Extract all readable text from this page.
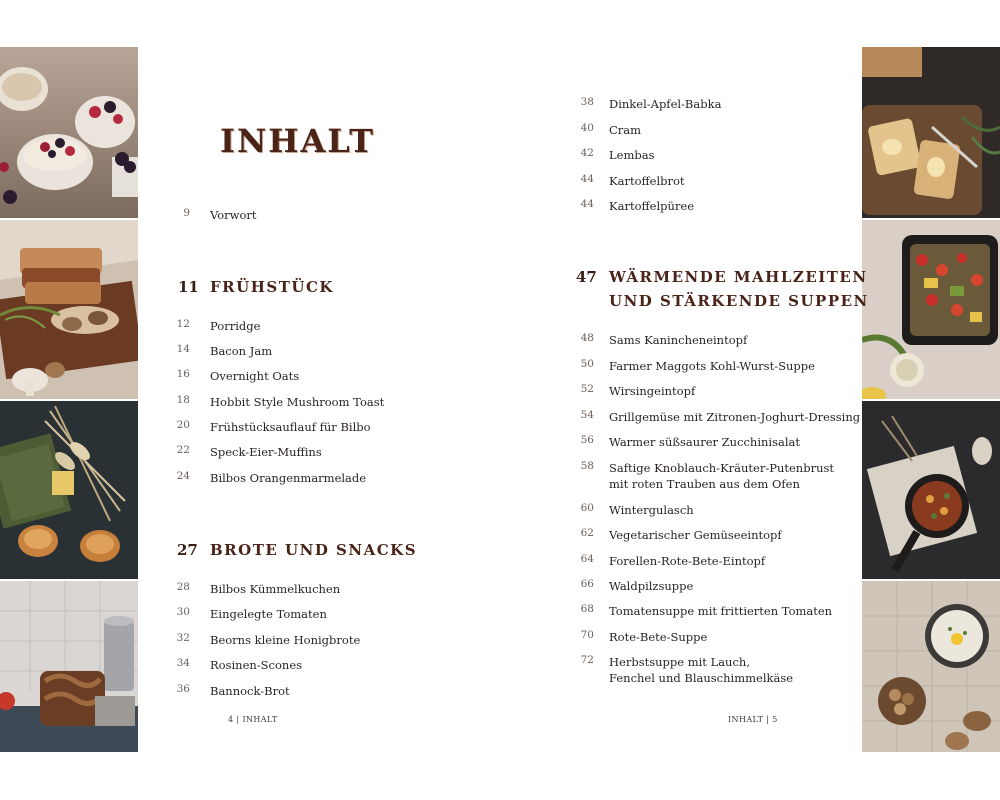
INHALT
9 Vorwort
11 FRÜHSTÜCK
12 Porridge
14 Bacon Jam
16 Overnight Oats
18 Hobbit Style Mushroom Toast
20 Frühstücksauflauf für Bilbo
22 Speck-Eier-Muffins
24 Bilbos Orangenmarmelade
27 BROTE UND SNACKS
28 Bilbos Kümmelkuchen
30 Eingelegte Tomaten
32 Beorns kleine Honigbrote
34 Rosinen-Scones
36 Bannock-Brot
4 | INHALT
38 Dinkel-Apfel-Babka
40 Cram
42 Lembas
44 Kartoffelbrot
44 Kartoffelpüree
47 WÄRMENDE MAHLZEITEN
UND STÄRKENDE SUPPEN
48 Sams Kanincheneintopf
50 Farmer Maggots Kohl-Wurst-Suppe
52 Wirsingeintopf
54 Grillgemüse mit Zitronen-Joghurt-Dressing
56 Warmer süßsaurer Zucchinisalat
58 Saftige Knoblauch-Kräuter-Putenbrust
mit roten Trauben aus dem Ofen
60 Wintergulasch
62 Vegetarischer Gemüseeintopf
64 Forellen-Rote-Bete-Eintopf
66 Waldpilzsuppe
68 Tomatensuppe mit frittierten Tomaten
70 Rote-Bete-Suppe
72 Herbstsuppe mit Lauch,
Fenchel und Blauschimmelkäse
INHALT | 5
